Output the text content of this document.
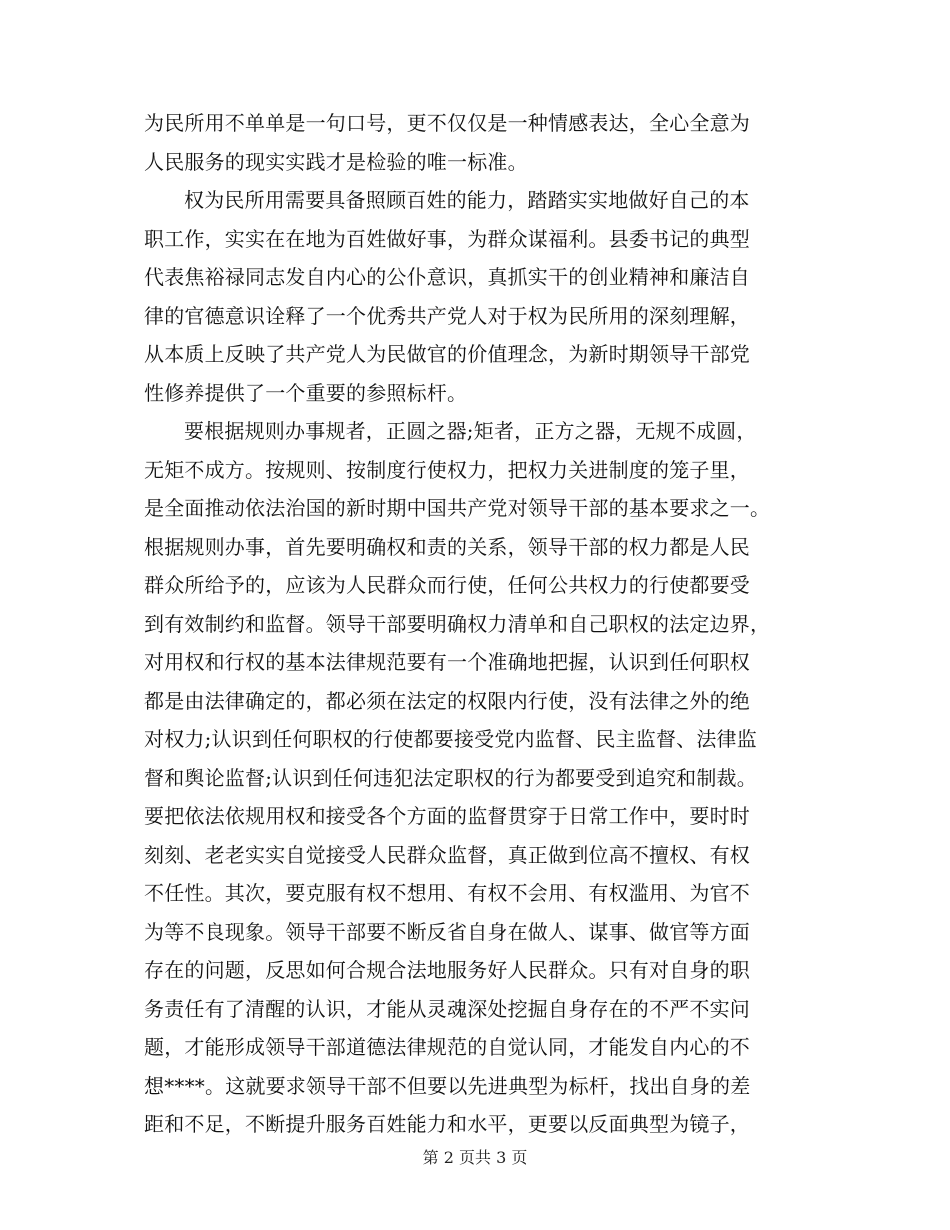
为民所用不单单是一句口号，更不仅仅是一种情感表达，全心全意为
人民服务的现实实践才是检验的唯一标准。
权为民所用需要具备照顾百姓的能力，踏踏实实地做好自己的本
职工作，实实在在地为百姓做好事，为群众谋福利。县委书记的典型
代表焦裕禄同志发自内心的公仆意识，真抓实干的创业精神和廉洁自
律的官德意识诠释了一个优秀共产党人对于权为民所用的深刻理解，
从本质上反映了共产党人为民做官的价值理念，为新时期领导干部党
性修养提供了一个重要的参照标杆。
要根据规则办事规者，正圆之器;矩者，正方之器，无规不成圆，
无矩不成方。按规则、按制度行使权力，把权力关进制度的笼子里，
是全面推动依法治国的新时期中国共产党对领导干部的基本要求之一。
根据规则办事，首先要明确权和责的关系，领导干部的权力都是人民
群众所给予的，应该为人民群众而行使，任何公共权力的行使都要受
到有效制约和监督。领导干部要明确权力清单和自己职权的法定边界，
对用权和行权的基本法律规范要有一个准确地把握，认识到任何职权
都是由法律确定的，都必须在法定的权限内行使，没有法律之外的绝
对权力;认识到任何职权的行使都要接受党内监督、民主监督、法律监
督和舆论监督;认识到任何违犯法定职权的行为都要受到追究和制裁。
要把依法依规用权和接受各个方面的监督贯穿于日常工作中，要时时
刻刻、老老实实自觉接受人民群众监督，真正做到位高不擅权、有权
不任性。其次，要克服有权不想用、有权不会用、有权滥用、为官不
为等不良现象。领导干部要不断反省自身在做人、谋事、做官等方面
存在的问题，反思如何合规合法地服务好人民群众。只有对自身的职
务责任有了清醒的认识，才能从灵魂深处挖掘自身存在的不严不实问
题，才能形成领导干部道德法律规范的自觉认同，才能发自内心的不
想****。这就要求领导干部不但要以先进典型为标杆，找出自身的差
距和不足，不断提升服务百姓能力和水平，更要以反面典型为镜子，
第 2 页共 3 页
